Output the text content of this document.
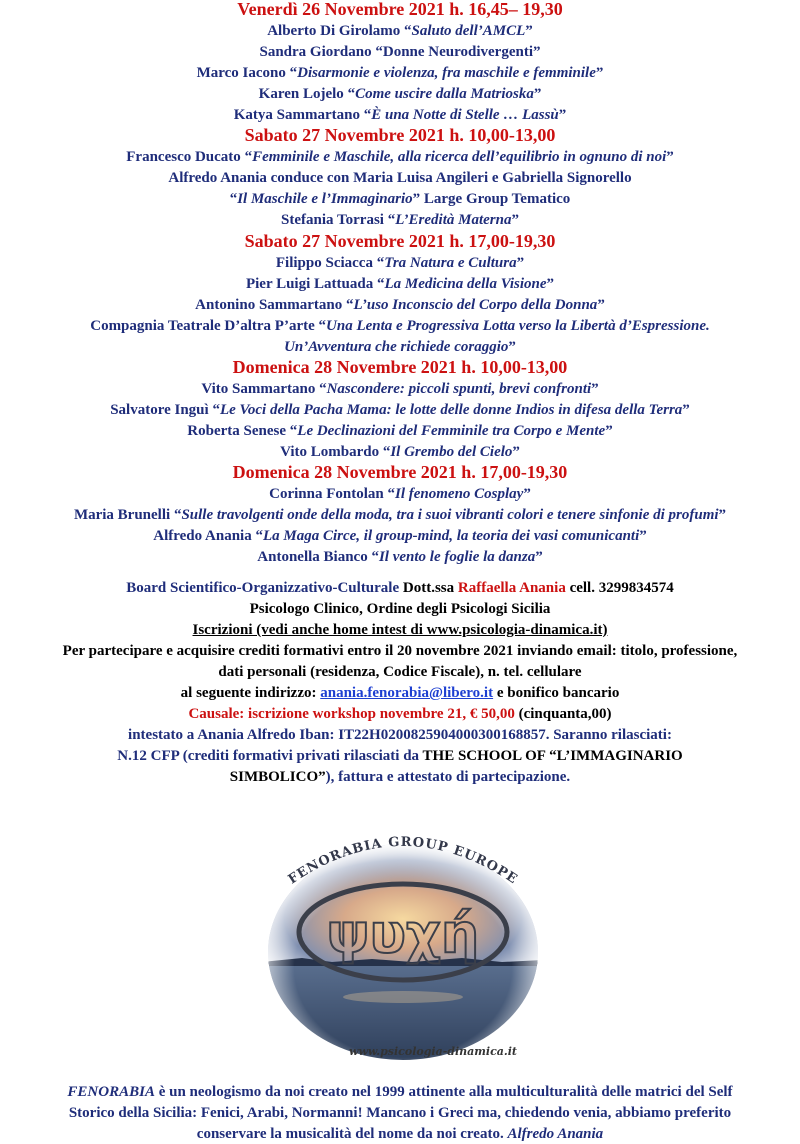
Venerdì 26 Novembre 2021 h. 16,45– 19,30
Alberto Di Girolamo “Saluto dell’AMCL”
Sandra Giordano “Donne Neurodivergenti”
Marco Iacono “Disarmonie e violenza, fra maschile e femminile”
Karen Lojelo “Come uscire dalla Matrioska”
Katya Sammartano “È una Notte di Stelle … Lassù”
Sabato 27 Novembre 2021 h. 10,00-13,00
Francesco Ducato “Femminile e Maschile, alla ricerca dell’equilibrio in ognuno di noi”
Alfredo Anania conduce con Maria Luisa Angileri e Gabriella Signorello
“Il Maschile e l’Immaginario” Large Group Tematico
Stefania Torrasi “L’Eredità Materna”
Sabato 27 Novembre 2021 h. 17,00-19,30
Filippo Sciacca “Tra Natura e Cultura”
Pier Luigi Lattuada “La Medicina della Visione”
Antonino Sammartano “L’uso Inconscio del Corpo della Donna”
Compagnia Teatrale D’altra P’arte “Una Lenta e Progressiva Lotta verso la Libertà d’Espressione.
Un’Avventura che richiede coraggio”
Domenica 28 Novembre 2021 h. 10,00-13,00
Vito Sammartano “Nascondere: piccoli spunti, brevi confronti”
Salvatore Inguì “Le Voci della Pacha Mama: le lotte delle donne Indios in difesa della Terra”
Roberta Senese “Le Declinazioni del Femminile tra Corpo e Mente”
Vito Lombardo “Il Grembo del Cielo”
Domenica 28 Novembre 2021 h. 17,00-19,30
Corinna Fontolan “Il fenomeno Cosplay”
Maria Brunelli “Sulle travolgenti onde della moda, tra i suoi vibranti colori e tenere sinfonie di profumi”
Alfredo Anania “La Maga Circe, il group-mind, la teoria dei vasi comunicanti”
Antonella Bianco “Il vento le foglie la danza”
Board Scientifico-Organizzativo-Culturale Dott.ssa Raffaella Anania cell. 3299834574
Psicologo Clinico, Ordine degli Psicologi Sicilia
Iscrizioni (vedi anche home intest di www.psicologia-dinamica.it)
Per partecipare e acquisire crediti formativi entro il 20 novembre 2021 inviando email: titolo, professione,
dati personali (residenza, Codice Fiscale), n. tel. cellulare
al seguente indirizzo: anania.fenorabia@libero.it e bonifico bancario
Causale: iscrizione workshop novembre 21, € 50,00 (cinquanta,00)
intestato a Anania Alfredo Iban: IT22H0200825904000300168857. Saranno rilasciati:
N.12 CFP (crediti formativi privati rilasciati da THE SCHOOL OF “L’IMMAGINARIO
SIMBOLICO”), fattura e attestato di partecipazione.
FENORABIA GROUP EUROPE
ψυχή
www.psicologia-dinamica.it
FENORABIA è un neologismo da noi creato nel 1999 attinente alla multiculturalità delle matrici del Self
Storico della Sicilia: Fenici, Arabi, Normanni! Mancano i Greci ma, chiedendo venia, abbiamo preferito
conservare la musicalità del nome da noi creato. Alfredo Anania
